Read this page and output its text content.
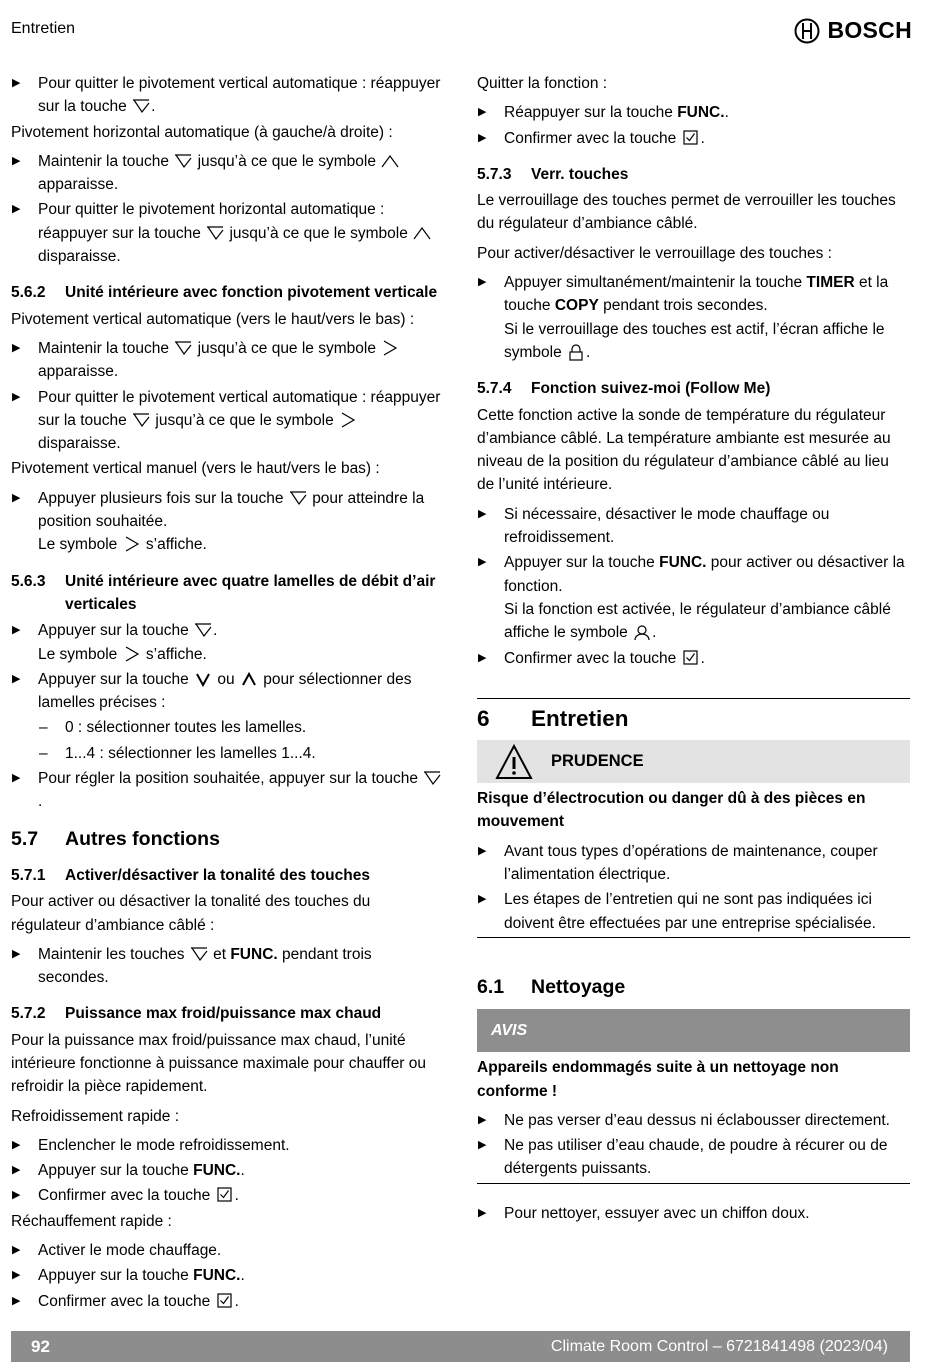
Entretien	BOSCH
▶ Pour quitter le pivotement vertical automatique : réappuyer sur la touche .
Pivotement horizontal automatique (à gauche/à droite) :
▶ Maintenir la touche jusqu’à ce que le symbole  apparaisse.
▶ Pour quitter le pivotement horizontal automatique : réappuyer sur la touche jusqu’à ce que le symbole  disparaisse.
5.6.2 Unité intérieure avec fonction pivotement verticale
Pivotement vertical automatique (vers le haut/vers le bas) :
▶ Maintenir la touche jusqu’à ce que le symbole  apparaisse.
▶ Pour quitter le pivotement vertical automatique : réappuyer sur la touche jusqu’à ce que le symbole  disparaisse.
Pivotement vertical manuel (vers le haut/vers le bas) :
▶ Appuyer plusieurs fois sur la touche pour atteindre la position souhaitée.
Le symbole s’affiche.
5.6.3 Unité intérieure avec quatre lamelles de débit d’air verticales
▶ Appuyer sur la touche .
Le symbole s’affiche.
▶ Appuyer sur la touche ou pour sélectionner des lamelles précises :
– 0 : sélectionner toutes les lamelles.
– 1...4 : sélectionner les lamelles 1...4.
▶ Pour régler la position souhaitée, appuyer sur la touche .
5.7 Autres fonctions
5.7.1 Activer/désactiver la tonalité des touches
Pour activer ou désactiver la tonalité des touches du régulateur d’ambiance câblé :
▶ Maintenir les touches et FUNC. pendant trois secondes.
5.7.2 Puissance max froid/puissance max chaud
Pour la puissance max froid/puissance max chaud, l’unité intérieure fonctionne à puissance maximale pour chauffer ou refroidir la pièce rapidement.
Refroidissement rapide :
▶ Enclencher le mode refroidissement.
▶ Appuyer sur la touche FUNC..
▶ Confirmer avec la touche .
Réchauffement rapide :
▶ Activer le mode chauffage.
▶ Appuyer sur la touche FUNC..
▶ Confirmer avec la touche .
Quitter la fonction :
▶ Réappuyer sur la touche FUNC..
▶ Confirmer avec la touche .
5.7.3 Verr. touches
Le verrouillage des touches permet de verrouiller les touches du régulateur d’ambiance câblé.
Pour activer/désactiver le verrouillage des touches :
▶ Appuyer simultanément/maintenir la touche TIMER et la touche COPY pendant trois secondes.
Si le verrouillage des touches est actif, l’écran affiche le symbole .
5.7.4 Fonction suivez-moi (Follow Me)
Cette fonction active la sonde de température du régulateur d’ambiance câblé. La température ambiante est mesurée au niveau de la position du régulateur d’ambiance câblé au lieu de l’unité intérieure.
▶ Si nécessaire, désactiver le mode chauffage ou refroidissement.
▶ Appuyer sur la touche FUNC. pour activer ou désactiver la fonction.
Si la fonction est activée, le régulateur d’ambiance câblé affiche le symbole .
▶ Confirmer avec la touche .
6 Entretien
PRUDENCE
Risque d’électrocution ou danger dû à des pièces en mouvement
▶ Avant tous types d’opérations de maintenance, couper l’alimentation électrique.
▶ Les étapes de l’entretien qui ne sont pas indiquées ici doivent être effectuées par une entreprise spécialisée.
6.1 Nettoyage
AVIS
Appareils endommagés suite à un nettoyage non conforme !
▶ Ne pas verser d’eau dessus ni éclabousser directement.
▶ Ne pas utiliser d’eau chaude, de poudre à récurer ou de détergents puissants.
▶ Pour nettoyer, essuyer avec un chiffon doux.
92	Climate Room Control – 6721841498 (2023/04)
